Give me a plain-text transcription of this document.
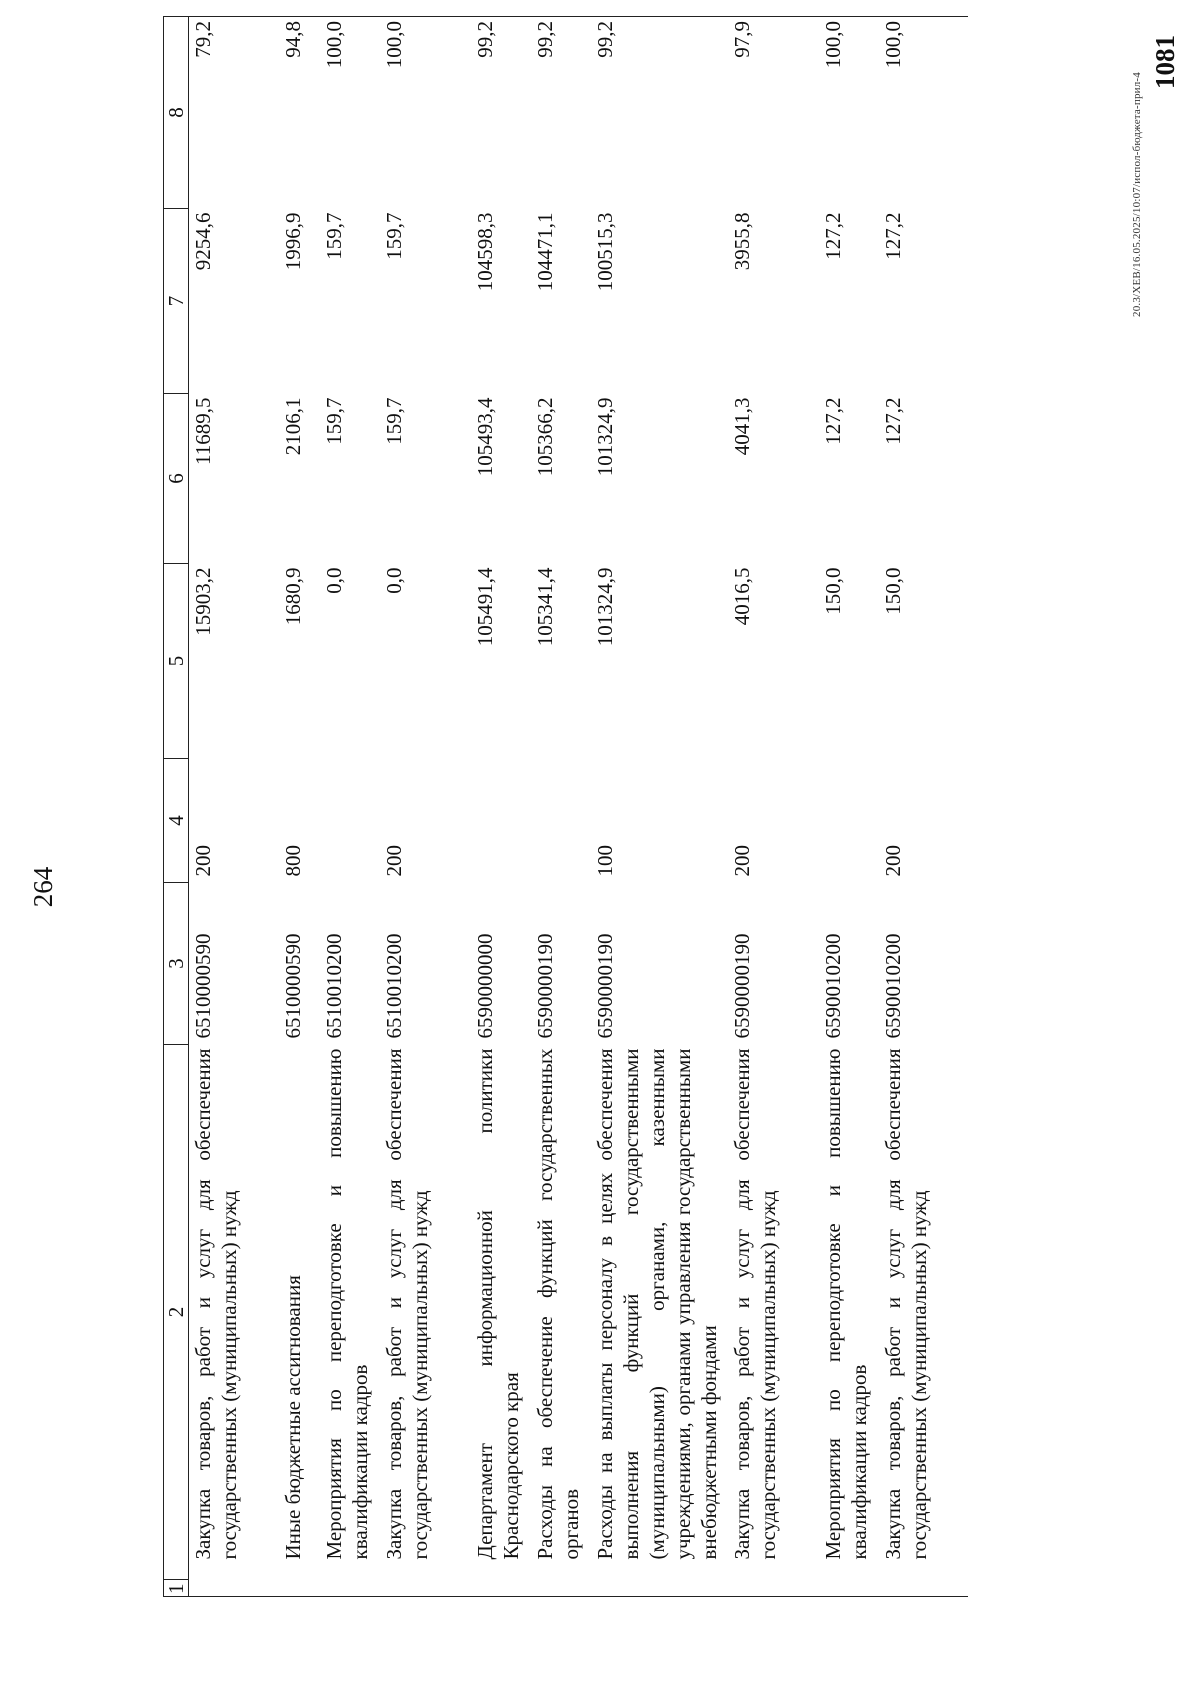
264
1	2	3	4	5	6	7	8
	Закупка товаров, работ и услуг для обеспечения государственных (муниципальных) нужд	6510000590	200	15903,2	11689,5	9254,6	79,2
	Иные бюджетные ассигнования	6510000590	800	1680,9	2106,1	1996,9	94,8
	Мероприятия по переподготовке и повышению квалификации кадров	6510010200		0,0	159,7	159,7	100,0
	Закупка товаров, работ и услуг для обеспечения государственных (муниципальных) нужд	6510010200	200	0,0	159,7	159,7	100,0
	Департамент информационной политики Краснодарского края	6590000000		105491,4	105493,4	104598,3	99,2
	Расходы на обеспечение функций государственных органов	6590000190		105341,4	105366,2	104471,1	99,2
	Расходы на выплаты персоналу в целях обеспечения выполнения функций государственными (муниципальными) органами, казенными учреждениями, органами управления государственными внебюджетными фондами	6590000190	100	101324,9	101324,9	100515,3	99,2
	Закупка товаров, работ и услуг для обеспечения государственных (муниципальных) нужд	6590000190	200	4016,5	4041,3	3955,8	97,9
	Мероприятия по переподготовке и повышению квалификации кадров	6590010200		150,0	127,2	127,2	100,0
	Закупка товаров, работ и услуг для обеспечения государственных (муниципальных) нужд	6590010200	200	150,0	127,2	127,2	100,0
20.3/ХЕВ/16.05.2025/10:07/испол-бюджета-прил-4
1081
